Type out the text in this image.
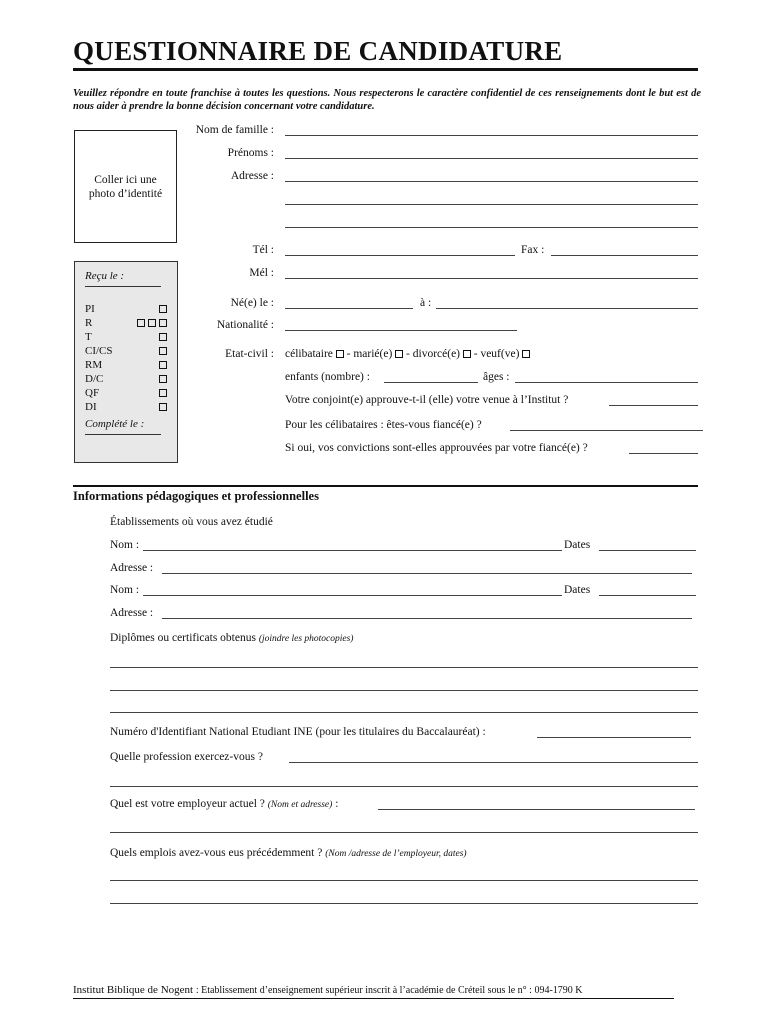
QUESTIONNAIRE DE CANDIDATURE
Veuillez répondre en toute franchise à toutes les questions. Nous respecterons le caractère confidentiel de ces renseignements dont le but est de nous aider à prendre la bonne décision concernant votre candidature.
Coller ici une
photo d’identité
Reçu le :
PI
R
T
CI/CS
RM
D/C
QF
DI
Complété le :
Nom de famille :
Prénoms :
Adresse :
Tél :	Fax :
Mél :
Né(e) le :	à :
Nationalité :
Etat-civil : célibataire - marié(e) - divorcé(e) - veuf(ve)
enfants (nombre) :	âges :
Votre conjoint(e) approuve-t-il (elle) votre venue à l’Institut ?
Pour les célibataires : êtes-vous fiancé(e) ?
Si oui, vos convictions sont-elles approuvées par votre fiancé(e) ?
Informations pédagogiques et professionnelles
Établissements où vous avez étudié
Nom :	Dates
Adresse :
Nom :	Dates
Adresse :
Diplômes ou certificats obtenus (joindre les photocopies)
Numéro d'Identifiant National Etudiant INE (pour les titulaires du Baccalauréat) :
Quelle profession exercez-vous ?
Quel est votre employeur actuel ? (Nom et adresse) :
Quels emplois avez-vous eus précédemment ? (Nom /adresse de l’employeur, dates)
Institut Biblique de Nogent : Etablissement d’enseignement supérieur inscrit à l’académie de Créteil sous le n° : 094-1790 K
